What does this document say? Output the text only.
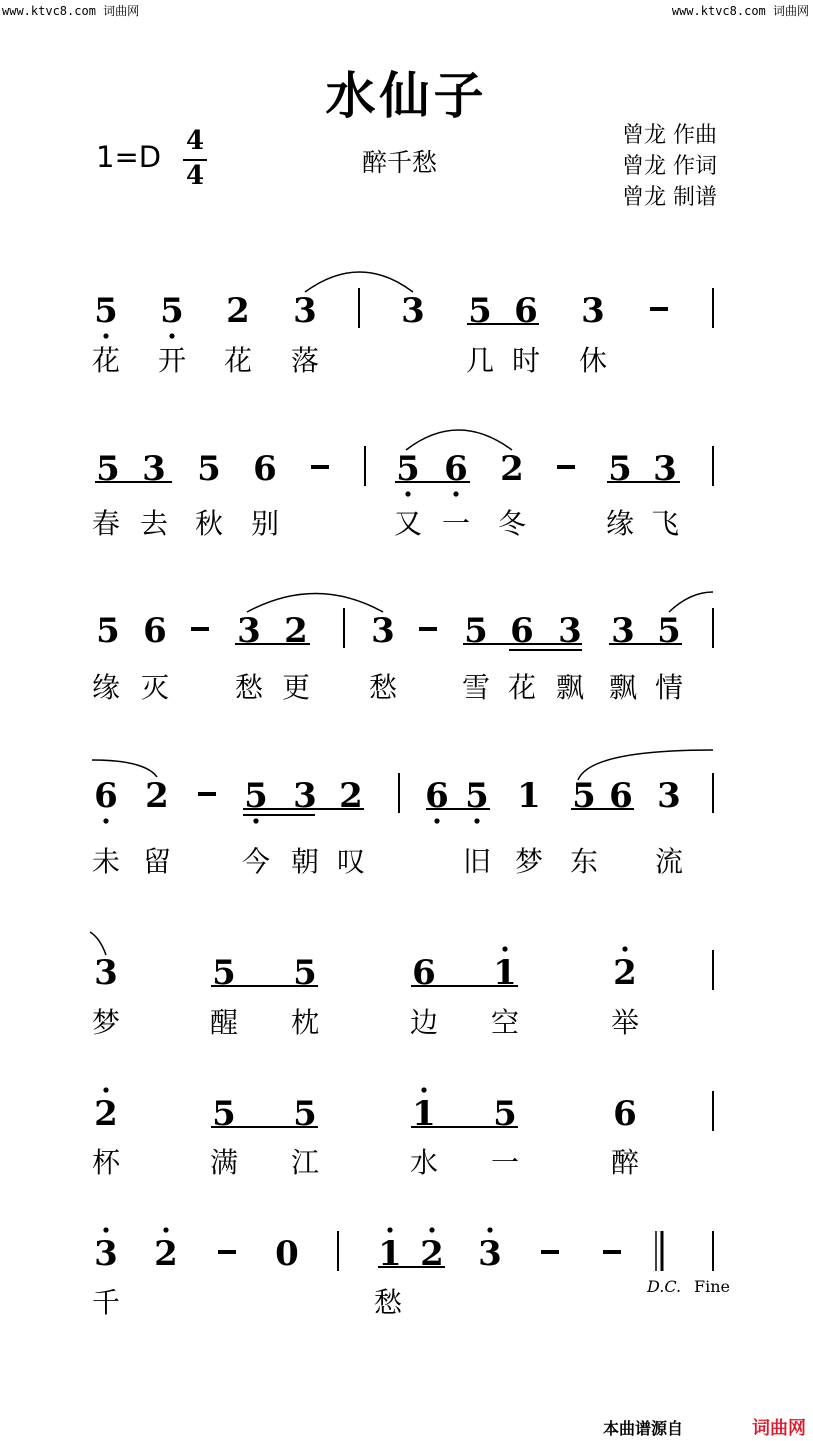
www.ktvc8.com 词曲网	www.ktvc8.com 词曲网
水仙子
1=D 4
4	醉千愁
曾龙 作曲
曾龙 作词
曾龙 制谱
5 5 2 3 3 5 6 3
花 开 花 落	几 时 休
5 3 5 6	5 6 2 5 3
春 去 秋 别	又 一 冬	缘 飞
5 6 3 2 3 5 6 3 3 5
缘 灭 愁 更 愁 雪 花 飘 飘 情
6 2 5 3 2 6 5 1 5 6 3
未 留	今 朝 叹	旧 梦 东 流
3	5 5	6 1	2
梦	醒 枕	边 空	举
2	5 5	1 5	6
杯	满 江	水 一	醉
3 2	0 1 2 3
千	愁	D.C. Fine
本曲谱源自	词曲网
